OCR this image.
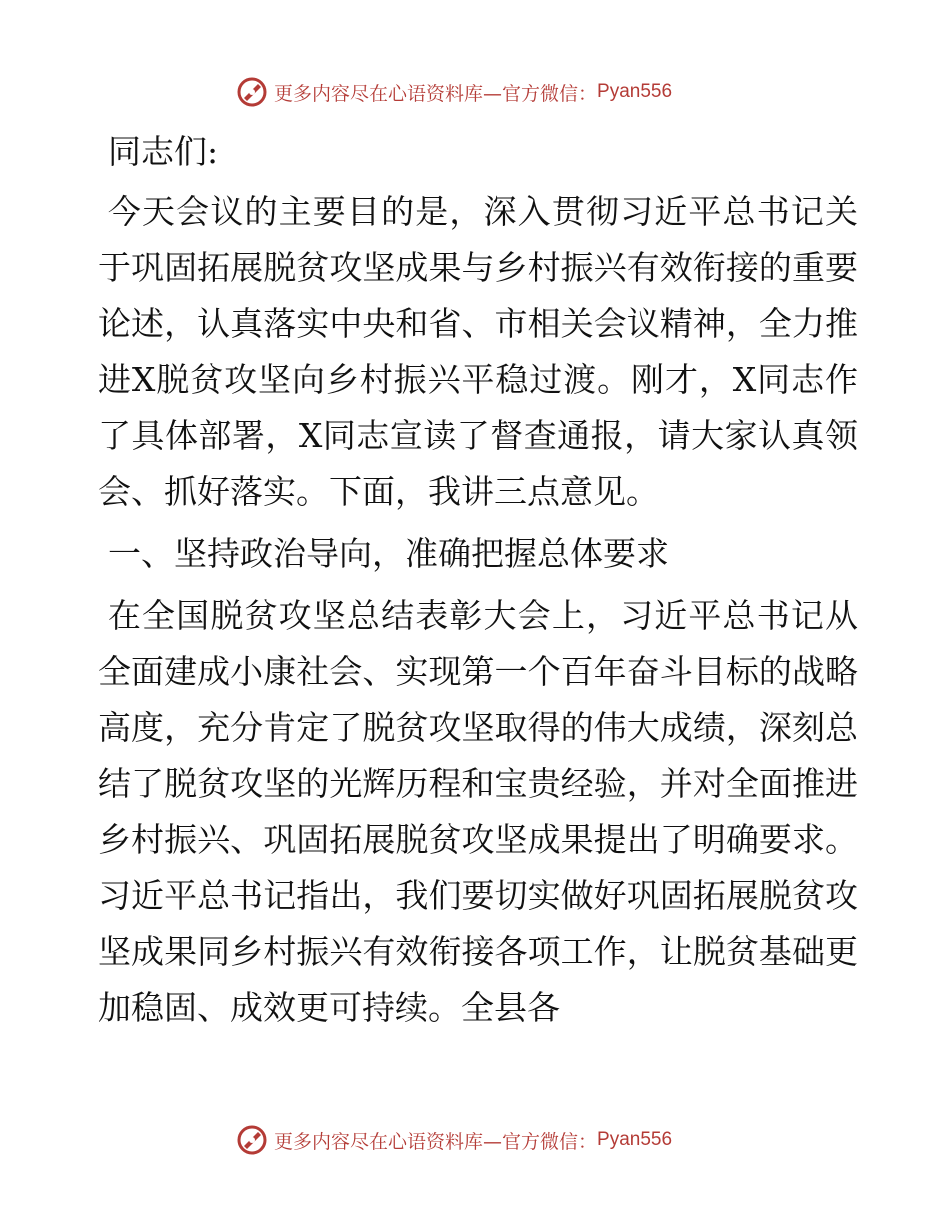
更多内容尽在心语资料库—官方微信： Pyan556

同志们:

今天会议的主要目的是，深入贯彻习近平总书记关于巩固拓展脱贫攻坚成果与乡村振兴有效衔接的重要论述，认真落实中央和省、市相关会议精神，全力推进X脱贫攻坚向乡村振兴平稳过渡。刚才，X同志作了具体部署，X同志宣读了督查通报，请大家认真领会、抓好落实。下面，我讲三点意见。

一、坚持政治导向，准确把握总体要求

在全国脱贫攻坚总结表彰大会上，习近平总书记从全面建成小康社会、实现第一个百年奋斗目标的战略高度，充分肯定了脱贫攻坚取得的伟大成绩，深刻总结了脱贫攻坚的光辉历程和宝贵经验，并对全面推进乡村振兴、巩固拓展脱贫攻坚成果提出了明确要求。习近平总书记指出，我们要切实做好巩固拓展脱贫攻坚成果同乡村振兴有效衔接各项工作，让脱贫基础更加稳固、成效更可持续。全县各

更多内容尽在心语资料库—官方微信： Pyan556
